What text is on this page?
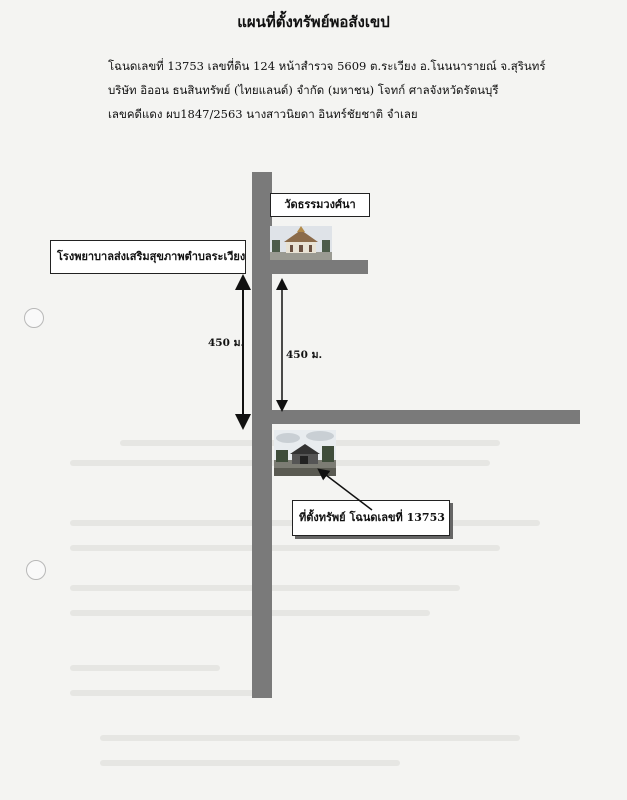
แผนที่ตั้งทรัพย์พอสังเขป
โฉนดเลขที่ 13753 เลขที่ดิน 124 หน้าสำรวจ 5609 ต.ระเวียง อ.โนนนารายณ์ จ.สุรินทร์
บริษัท อิออน ธนสินทรัพย์ (ไทยแลนด์) จำกัด (มหาชน) โจทก์ ศาลจังหวัดรัตนบุรี
เลขคดีแดง ผบ1847/2563 นางสาวนิยดา อินทร์ชัยชาติ จำเลย
วัดธรรมวงศ์นา
โรงพยาบาลส่งเสริมสุขภาพตำบลระเวียง
ที่ตั้งทรัพย์ โฉนดเลขที่ 13753
450 ม.
450 ม.
